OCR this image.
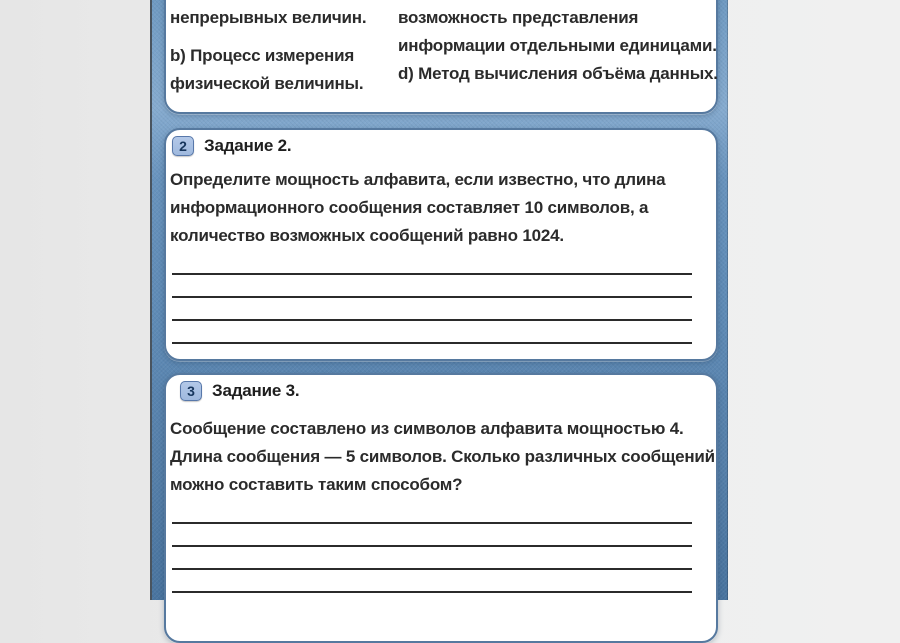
непрерывных величин.
b) Процесс измерения
физической величины.
возможность представления
информации отдельными единицами.
d) Метод вычисления объёма данных.
2	Задание 2.
Определите мощность алфавита, если известно, что длина
информационного сообщения составляет 10 символов, а
количество возможных сообщений равно 1024.
3	Задание 3.
Сообщение составлено из символов алфавита мощностью 4.
Длина сообщения — 5 символов. Сколько различных сообщений
можно составить таким способом?
